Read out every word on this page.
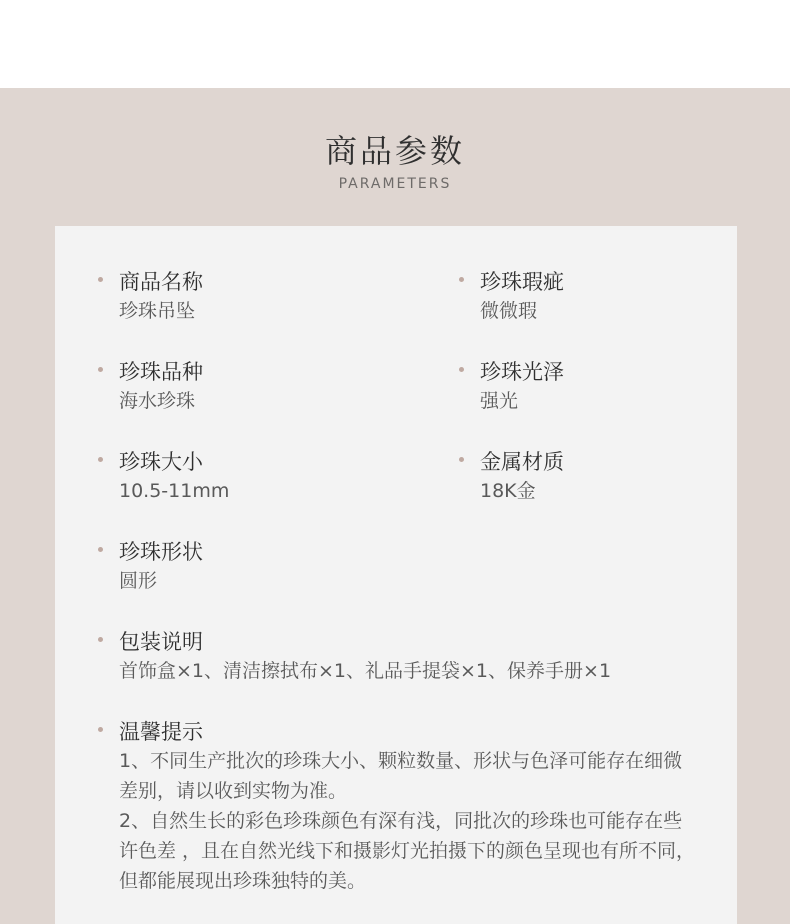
商品参数
PARAMETERS
商品名称
珍珠吊坠
珍珠瑕疵
微微瑕
珍珠品种
海水珍珠
珍珠光泽
强光
珍珠大小
10.5-11mm
金属材质
18K金
珍珠形状
圆形
包装说明
首饰盒×1、清洁擦拭布×1、礼品手提袋×1、保养手册×1
温馨提示
1、不同生产批次的珍珠大小、颗粒数量、形状与色泽可能存在细微
差别，请以收到实物为准。
2、自然生长的彩色珍珠颜色有深有浅，同批次的珍珠也可能存在些
许色差 ，且在自然光线下和摄影灯光拍摄下的颜色呈现也有所不同，
但都能展现出珍珠独特的美。
